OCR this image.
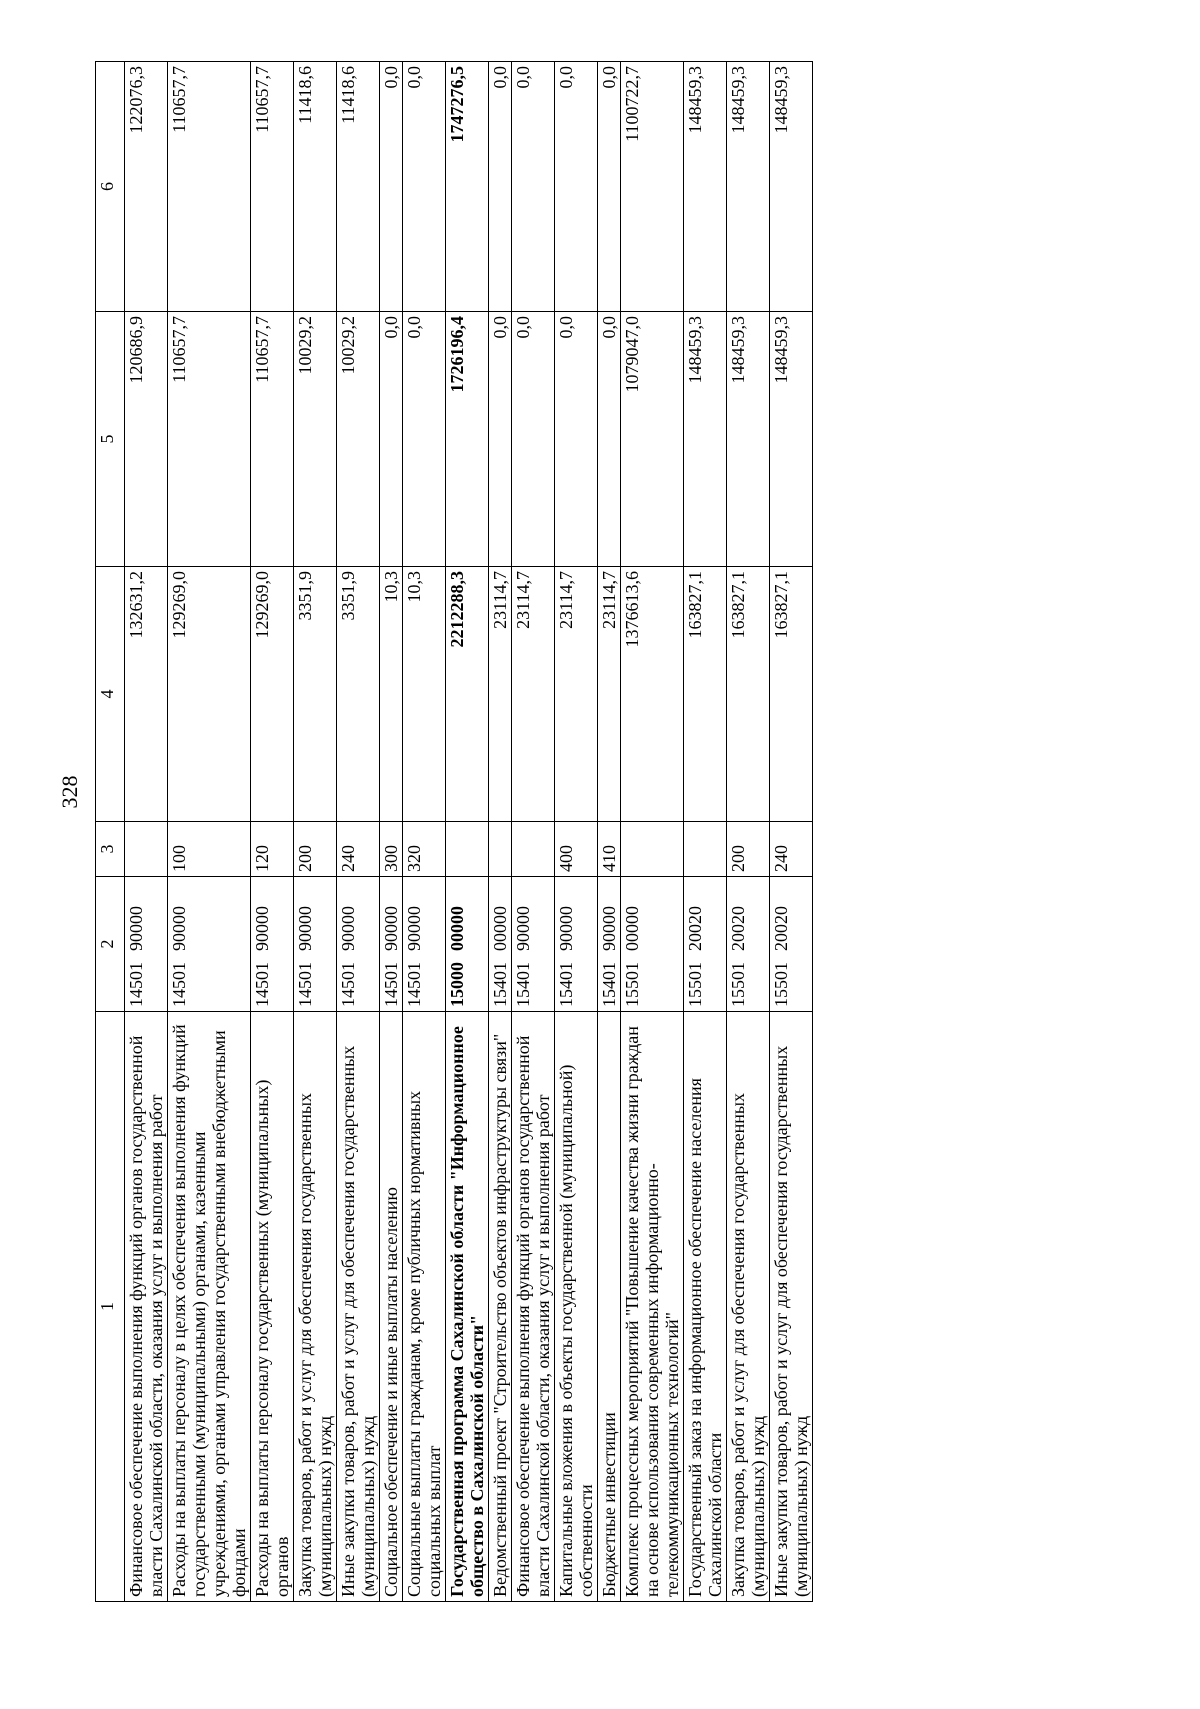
328
1	2	3	4	5	6
Финансовое обеспечение выполнения функций органов государственной власти Сахалинской области, оказания услуг и выполнения работ	1450190000		132631,2	120686,9	122076,3
Расходы на выплаты персоналу в целях обеспечения выполнения функций государственными (муниципальными) органами, казенными учреждениями, органами управления государственными внебюджетными фондами	1450190000	100	129269,0	110657,7	110657,7
Расходы на выплаты персоналу государственных (муниципальных) органов	1450190000	120	129269,0	110657,7	110657,7
Закупка товаров, работ и услуг для обеспечения государственных (муниципальных) нужд	1450190000	200	3351,9	10029,2	11418,6
Иные закупки товаров, работ и услуг для обеспечения государственных (муниципальных) нужд	1450190000	240	3351,9	10029,2	11418,6
Социальное обеспечение и иные выплаты населению	1450190000	300	10,3	0,0	0,0
Социальные выплаты гражданам, кроме публичных нормативных социальных выплат	1450190000	320	10,3	0,0	0,0
Государственная программа Сахалинской области "Информационное общество в Сахалинской области"	1500000000		2212288,3	1726196,4	1747276,5
Ведомственный проект "Строительство объектов инфраструктуры связи"	1540100000		23114,7	0,0	0,0
Финансовое обеспечение выполнения функций органов государственной власти Сахалинской области, оказания услуг и выполнения работ	1540190000		23114,7	0,0	0,0
Капитальные вложения в объекты государственной (муниципальной) собственности	1540190000	400	23114,7	0,0	0,0
Бюджетные инвестиции	1540190000	410	23114,7	0,0	0,0
Комплекс процессных мероприятий "Повышение качества жизни граждан на основе использования современных информационно-телекоммуникационных технологий"	1550100000		1376613,6	1079047,0	1100722,7
Государственный заказ на информационное обеспечение населения Сахалинской области	1550120020		163827,1	148459,3	148459,3
Закупка товаров, работ и услуг для обеспечения государственных (муниципальных) нужд	1550120020	200	163827,1	148459,3	148459,3
Иные закупки товаров, работ и услуг для обеспечения государственных (муниципальных) нужд	1550120020	240	163827,1	148459,3	148459,3
